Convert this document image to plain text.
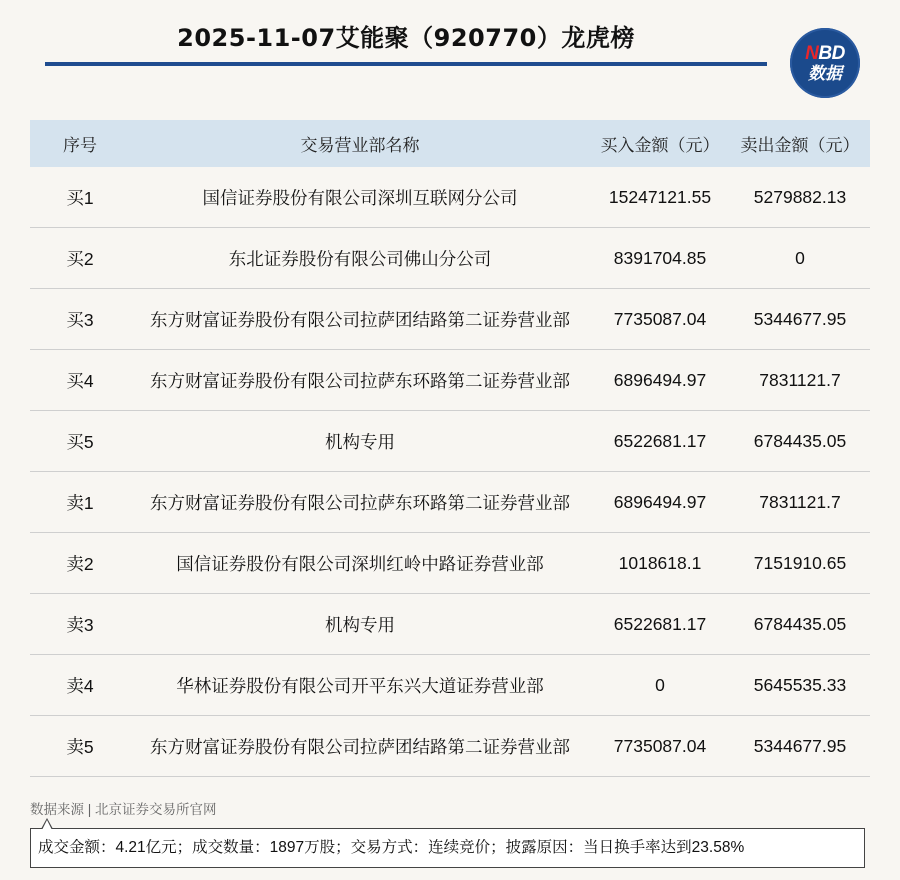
2025-11-07艾能聚（920770）龙虎榜
NBD
数据
序号	交易营业部名称	买入金额（元）	卖出金额（元）
买1	国信证券股份有限公司深圳互联网分公司	15247121.55	5279882.13
买2	东北证券股份有限公司佛山分公司	8391704.85	0
买3	东方财富证券股份有限公司拉萨团结路第二证券营业部	7735087.04	5344677.95
买4	东方财富证券股份有限公司拉萨东环路第二证券营业部	6896494.97	7831121.7
买5	机构专用	6522681.17	6784435.05
卖1	东方财富证券股份有限公司拉萨东环路第二证券营业部	6896494.97	7831121.7
卖2	国信证券股份有限公司深圳红岭中路证券营业部	1018618.1	7151910.65
卖3	机构专用	6522681.17	6784435.05
卖4	华林证券股份有限公司开平东兴大道证券营业部	0	5645535.33
卖5	东方财富证券股份有限公司拉萨团结路第二证券营业部	7735087.04	5344677.95
数据来源 | 北京证券交易所官网
成交金额：4.21亿元；成交数量：1897万股；交易方式：连续竞价；披露原因：当日换手率达到23.58%
